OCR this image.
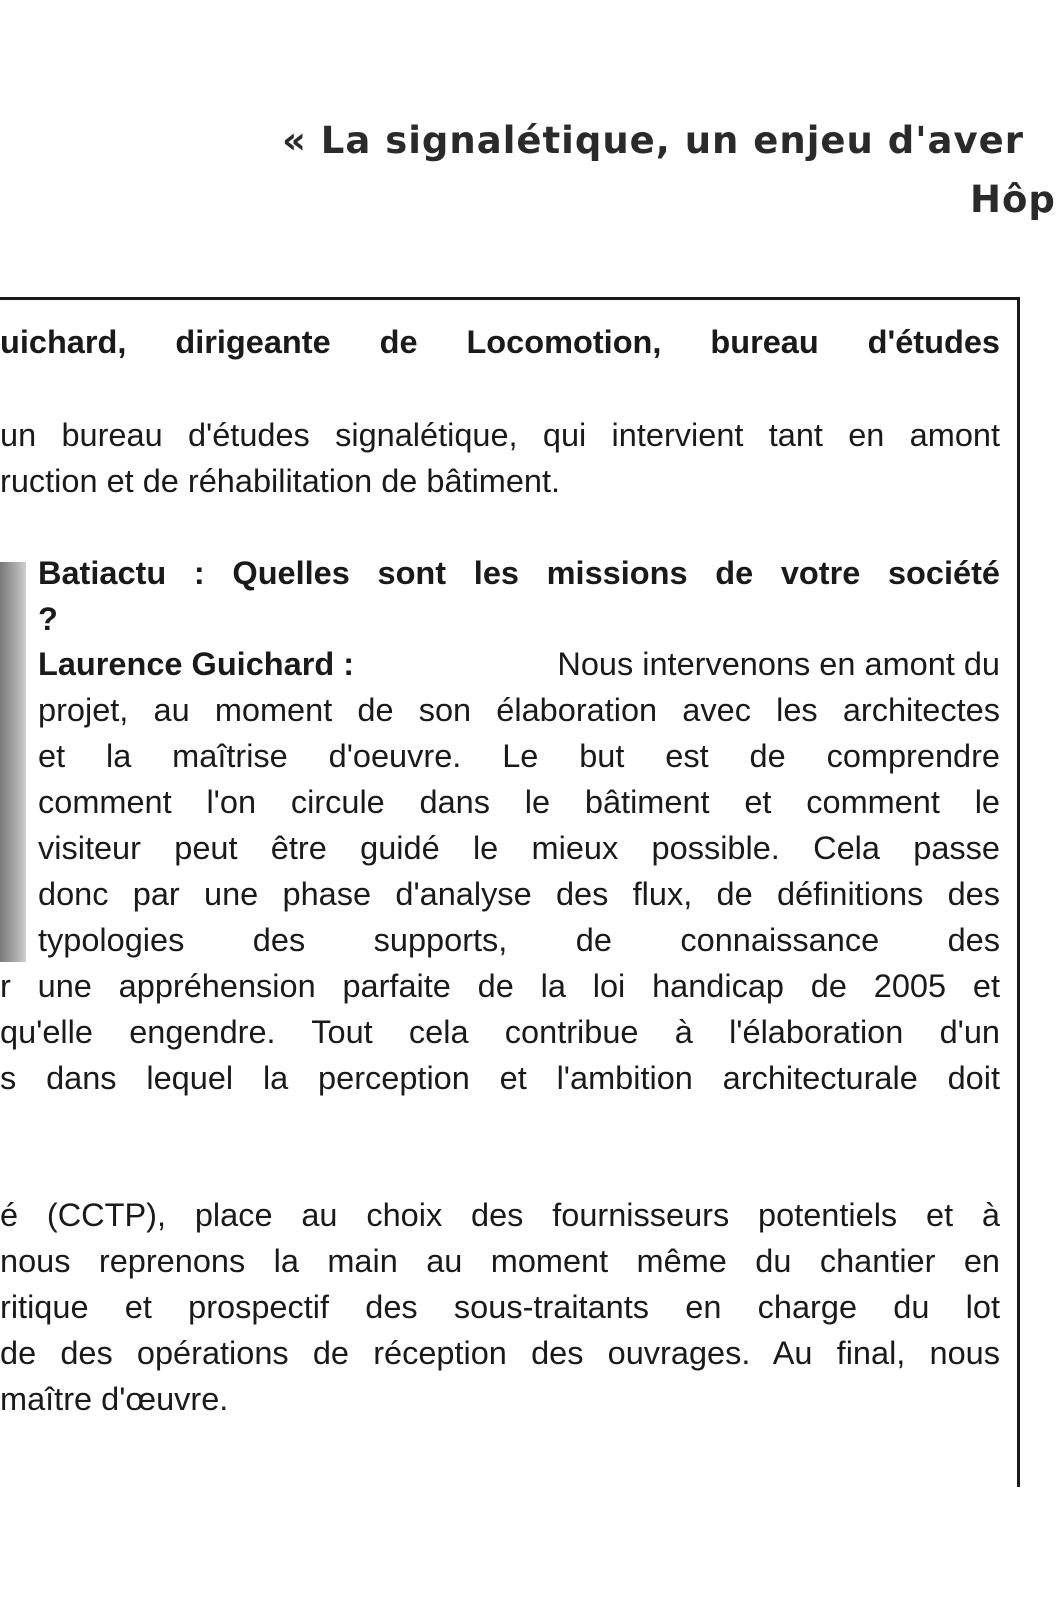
« La signalétique, un enjeu d'aver
Hôp
uichard, dirigeante de Locomotion, bureau d'études
un bureau d'études signalétique, qui intervient tant en amont
ruction et de réhabilitation de bâtiment.
Batiactu : Quelles sont les missions de votre société
?
Laurence Guichard :	Nous intervenons en amont du
projet, au moment de son élaboration avec les architectes
et la maîtrise d'oeuvre. Le but est de comprendre
comment l'on circule dans le bâtiment et comment le
visiteur peut être guidé le mieux possible. Cela passe
donc par une phase d'analyse des flux, de définitions des
typologies des supports, de connaissance des
r une appréhension parfaite de la loi handicap de 2005 et
qu'elle engendre. Tout cela contribue à l'élaboration d'un
s dans lequel la perception et l'ambition architecturale doit
é (CCTP), place au choix des fournisseurs potentiels et à
nous reprenons la main au moment même du chantier en
ritique et prospectif des sous-traitants en charge du lot
de des opérations de réception des ouvrages. Au final, nous
maître d'œuvre.
